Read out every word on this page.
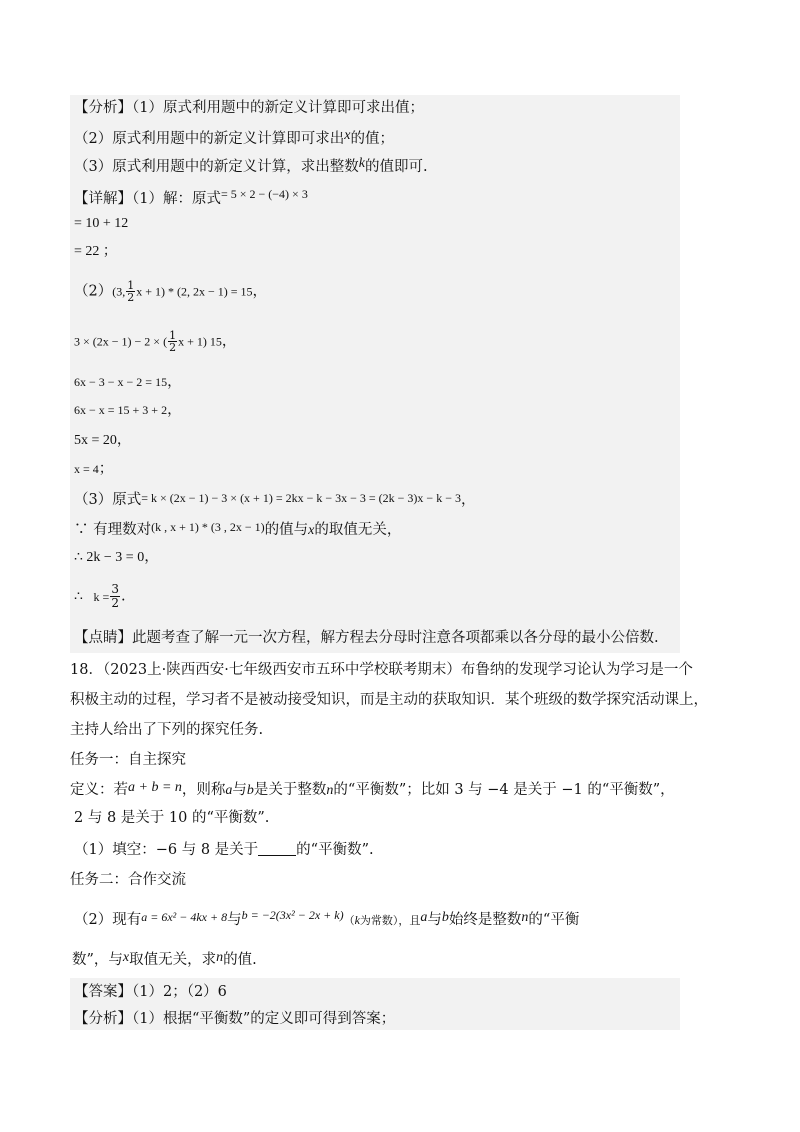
【分析】（1）原式利用题中的新定义计算即可求出值；
（2）原式利用题中的新定义计算即可求出x的值；
（3）原式利用题中的新定义计算，求出整数k的值即可.
【详解】（1）解：原式$^{= 5 \times 2 - (-4) \times 3}$
= 10 + 12
= 22 ；
（2）(3, $\frac{1}{2}$ x + 1) * (2, 2x − 1) = 15，
3 × (2x − 1) − 2 × ( $\frac{1}{2}$ x + 1) 15，
6x − 3 − x − 2 = 15，
6x − x = 15 + 3 + 2，
5x = 20，
x = 4；
（3）原式= k × (2x − 1) − 3 × (x + 1) = 2kx − k − 3x − 3 = (2k − 3)x − k − 3，
∵ 有理数对$^{(k , x + 1) * (3 , 2x - 1)}$的值与x的取值无关，
∴ 2k − 3 = 0，
∴ $k = \frac{3}{2}$ .
【点睛】此题考查了解一元一次方程，解方程去分母时注意各项都乘以各分母的最小公倍数.
18．（2023上·陕西西安·七年级西安市五环中学校联考期末）布鲁纳的发现学习论认为学习是一个
积极主动的过程，学习者不是被动接受知识，而是主动的获取知识．某个班级的数学探究活动课上，
主持人给出了下列的探究任务.
任务一：自主探究
定义：若a + b = n，则称a与b是关于整数n的“平衡数”；比如 3 与 −4 是关于 −1 的“平衡数”，
2 与 8 是关于 10 的“平衡数”.
（1）填空：−6 与 8 是关于	的“平衡数”.
任务二：合作交流
（2）现有$^{a = 6x^2 - 4kx + 8}$与$^{b = -2(3x^2 - 2x + k)}$（k为常数），且a与b始终是整数n的“平衡
数”，与x取值无关，求n的值.
【答案】（1）2；（2）6
【分析】（1）根据“平衡数”的定义即可得到答案；
